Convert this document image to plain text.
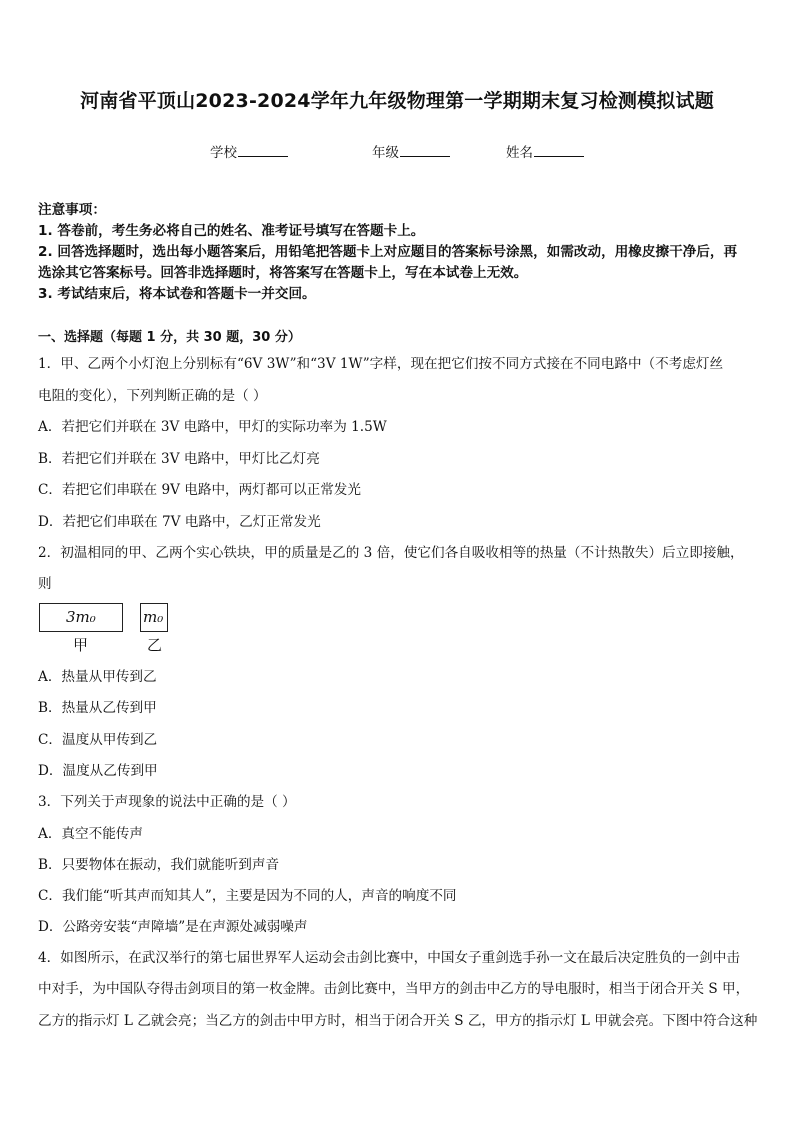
河南省平顶山2023-2024学年九年级物理第一学期期末复习检测模拟试题
学校	年级	姓名
注意事项：
1. 答卷前，考生务必将自己的姓名、准考证号填写在答题卡上。
2. 回答选择题时，选出每小题答案后，用铅笔把答题卡上对应题目的答案标号涂黑，如需改动，用橡皮擦干净后，再
选涂其它答案标号。回答非选择题时，将答案写在答题卡上，写在本试卷上无效。
3. 考试结束后，将本试卷和答题卡一并交回。
一、选择题（每题 1 分，共 30 题，30 分）
1．甲、乙两个小灯泡上分别标有“6V 3W”和“3V 1W”字样，现在把它们按不同方式接在不同电路中（不考虑灯丝
电阻的变化），下列判断正确的是（ ）
A．若把它们并联在 3V 电路中，甲灯的实际功率为 1.5W
B．若把它们并联在 3V 电路中，甲灯比乙灯亮
C．若把它们串联在 9V 电路中，两灯都可以正常发光
D．若把它们串联在 7V 电路中，乙灯正常发光
2．初温相同的甲、乙两个实心铁块，甲的质量是乙的 3 倍，使它们各自吸收相等的热量（不计热散失）后立即接触，
则
3m₀
甲
m₀
乙
A．热量从甲传到乙
B．热量从乙传到甲
C．温度从甲传到乙
D．温度从乙传到甲
3．下列关于声现象的说法中正确的是（ ）
A．真空不能传声
B．只要物体在振动，我们就能听到声音
C．我们能“听其声而知其人”，主要是因为不同的人，声音的响度不同
D．公路旁安装“声障墙”是在声源处减弱噪声
4．如图所示，在武汉举行的第七届世界军人运动会击剑比赛中，中国女子重剑选手孙一文在最后决定胜负的一剑中击
中对手，为中国队夺得击剑项目的第一枚金牌。击剑比赛中，当甲方的剑击中乙方的导电服时，相当于闭合开关 S 甲，
乙方的指示灯 L 乙就会亮；当乙方的剑击中甲方时，相当于闭合开关 S 乙，甲方的指示灯 L 甲就会亮。下图中符合这种
